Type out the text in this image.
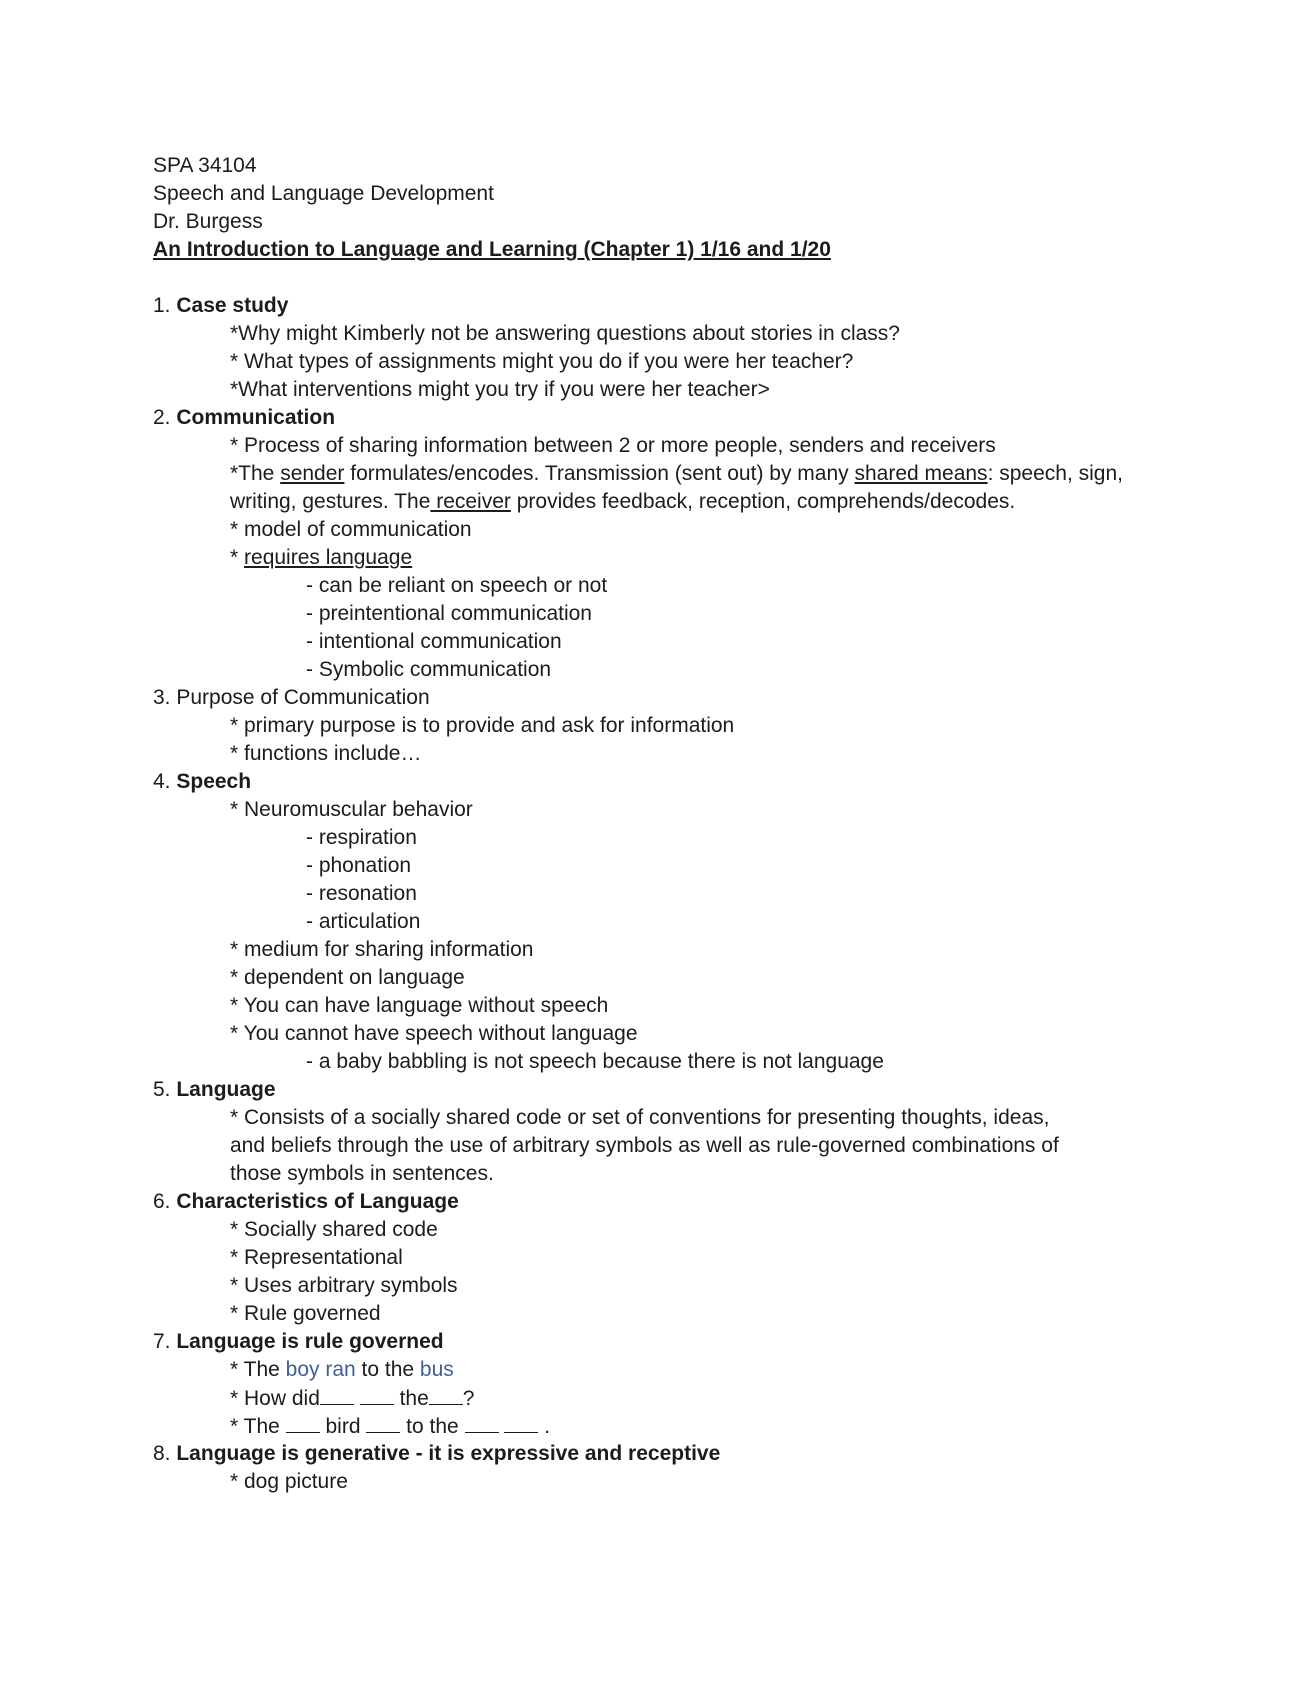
SPA 34104
Speech and Language Development
Dr. Burgess
An Introduction to Language and Learning (Chapter 1) 1/16 and 1/20
1. Case study
*Why might Kimberly not be answering questions about stories in class?
* What types of assignments might you do if you were her teacher?
*What interventions might you try if you were her teacher>
2. Communication
* Process of sharing information between 2 or more people, senders and receivers
*The sender formulates/encodes. Transmission (sent out) by many shared means: speech, sign, writing, gestures. The receiver provides feedback, reception, comprehends/decodes.
* model of communication
* requires language
- can be reliant on speech or not
- preintentional communication
- intentional communication
- Symbolic communication
3. Purpose of Communication
* primary purpose is to provide and ask for information
* functions include…
4. Speech
* Neuromuscular behavior
- respiration
- phonation
- resonation
- articulation
* medium for sharing information
* dependent on language
* You can have language without speech
* You cannot have speech without language
- a baby babbling is not speech because there is not language
5. Language
* Consists of a socially shared code or set of conventions for presenting thoughts, ideas, and beliefs through the use of arbitrary symbols as well as rule-governed combinations of those symbols in sentences.
6. Characteristics of Language
* Socially shared code
* Representational
* Uses arbitrary symbols
* Rule governed
7. Language is rule governed
* The boy ran to the bus
* How did	the ?
* The  bird  to the	.
8. Language is generative - it is expressive and receptive
* dog picture
